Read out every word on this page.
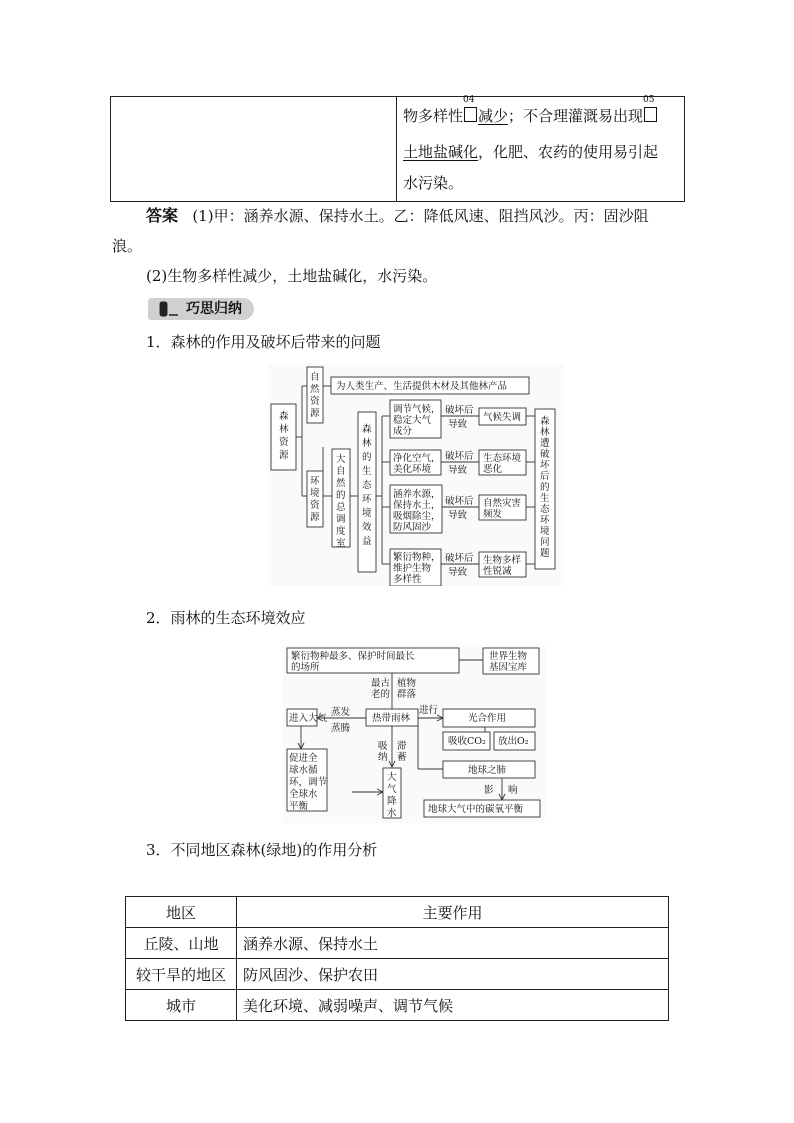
物多样性
04
减少；不合理灌溉易出现
05
土地盐碱化，化肥、农药的使用易引起
水污染。
答案 (1)甲：涵养水源、保持水土。乙：降低风速、阻挡风沙。丙：固沙阻
浪。
(2)生物多样性减少，土地盐碱化，水污染。
巧思归纳
1．森林的作用及破坏后带来的问题
森 林 资 源
自 然 资 源
为人类生产、生活提供木材及其他林产品
环 境 资 源
大 自 然 的 总 调 度 室
森 林 的 生 态 环 境 效 益
调节气候， 稳定大气 成分
破坏后
导致
气候失调
净化空气， 美化环境
破坏后
导致
生态环境 恶化
涵养水源， 保持水土， 吸烟除尘， 防风固沙
破坏后
导致
自然灾害 频发
繁衍物种， 维护生物 多样性
破坏后
导致
生物多样 性锐减
森 林 遭 破 坏 后 的 生 态 环 境 问 题
2．雨林的生态环境效应
繁衍物种最多、保护时间最长
的场所
世界生物
基因宝库
最古
老的
植物
群落
进入大气
蒸发
蒸腾
热带雨林
进行
光合作用
吸收CO₂ 放出O₂
地球之肺
吸
纳
滞
蓄
影 响
促进全 球水循 环，调节 全球水 平衡
大 气 降 水	地球大气中的碳氧平衡
3．不同地区森林(绿地)的作用分析
地区	主要作用
丘陵、山地	涵养水源、保持水土
较干旱的地区	防风固沙、保护农田
城市	美化环境、减弱噪声、调节气候
